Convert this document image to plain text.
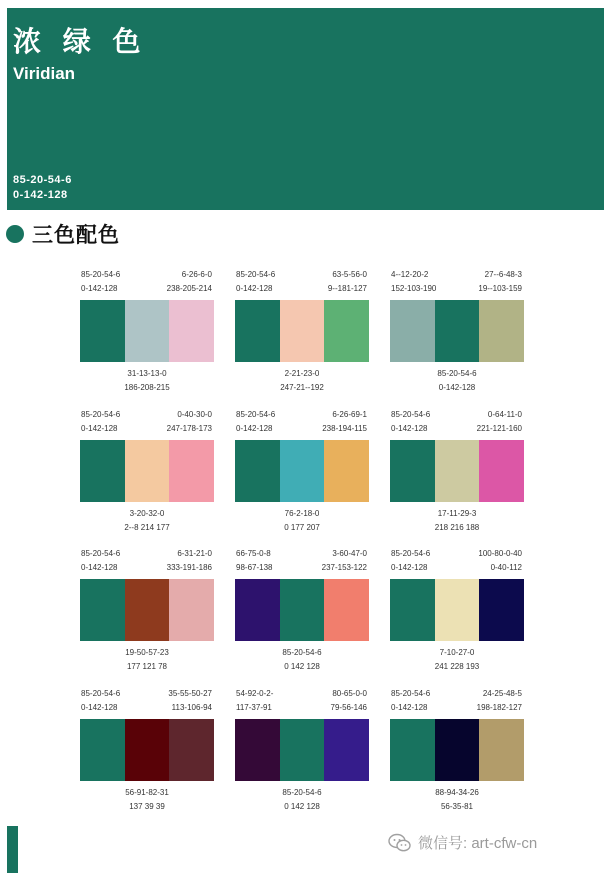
浓 绿 色
Viridian
85-20-54-6
0-142-128
三色配色
85-20-54-6
0-142-128
6-26-6-0
238-205-214
31-13-13-0
186-208-215
85-20-54-6
0-142-128
63-5-56-0
9--181-127
2-21-23-0
247-21--192
4--12-20-2
152-103-190
27--6-48-3
19--103-159
85-20-54-6
0-142-128
85-20-54-6
0-142-128
0-40-30-0
247-178-173
3-20-32-0
2--8 214 177
85-20-54-6
0-142-128
6-26-69-1
238-194-115
76-2-18-0
0 177 207
85-20-54-6
0-142-128
0-64-11-0
221-121-160
17-11-29-3
218 216 188
85-20-54-6
0-142-128
6-31-21-0
333-191-186
19-50-57-23
177 121 78
66-75-0-8
98-67-138
3-60-47-0
237-153-122
85-20-54-6
0 142 128
85-20-54-6
0-142-128
100-80-0-40
0-40-112
7-10-27-0
241 228 193
85-20-54-6
0-142-128
35-55-50-27
113-106-94
56-91-82-31
137 39 39
54-92-0-2-
117-37-91
80-65-0-0
79-56-146
85-20-54-6
0 142 128
85-20-54-6
0-142-128
24-25-48-5
198-182-127
88-94-34-26
56-35-81
微信号: art-cfw-cn
